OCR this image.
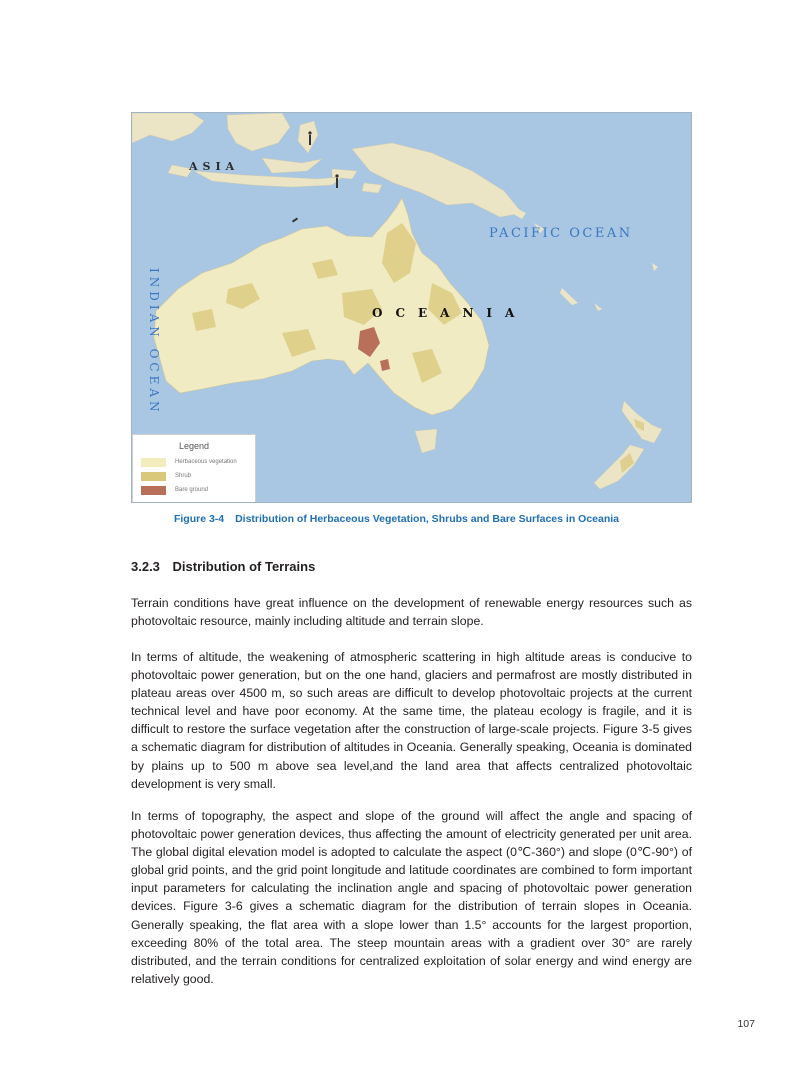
ASIA
PACIFIC OCEAN
OCEANIA
INDIAN OCEAN
Legend
Herbaceous vegetation
Shrub
Bare ground
Figure 3-4 Distribution of Herbaceous Vegetation, Shrubs and Bare Surfaces in Oceania
3.2.3 Distribution of Terrains

Terrain conditions have great influence on the development of renewable energy resources such as photovoltaic resource, mainly including altitude and terrain slope.

In terms of altitude, the weakening of atmospheric scattering in high altitude areas is conducive to photovoltaic power generation, but on the one hand, glaciers and permafrost are mostly distributed in plateau areas over 4500 m, so such areas are difficult to develop photovoltaic projects at the current technical level and have poor economy. At the same time, the plateau ecology is fragile, and it is difficult to restore the surface vegetation after the construction of large-scale projects. Figure 3-5 gives a schematic diagram for distribution of altitudes in Oceania. Generally speaking, Oceania is dominated by plains up to 500 m above sea level,and the land area that affects centralized photovoltaic development is very small.

In terms of topography, the aspect and slope of the ground will affect the angle and spacing of photovoltaic power generation devices, thus affecting the amount of electricity generated per unit area. The global digital elevation model is adopted to calculate the aspect (0℃-360°) and slope (0℃-90°) of global grid points, and the grid point longitude and latitude coordinates are combined to form important input parameters for calculating the inclination angle and spacing of photovoltaic power generation devices. Figure 3-6 gives a schematic diagram for the distribution of terrain slopes in Oceania. Generally speaking, the flat area with a slope lower than 1.5° accounts for the largest proportion, exceeding 80% of the total area. The steep mountain areas with a gradient over 30° are rarely distributed, and the terrain conditions for centralized exploitation of solar energy and wind energy are relatively good.

107
